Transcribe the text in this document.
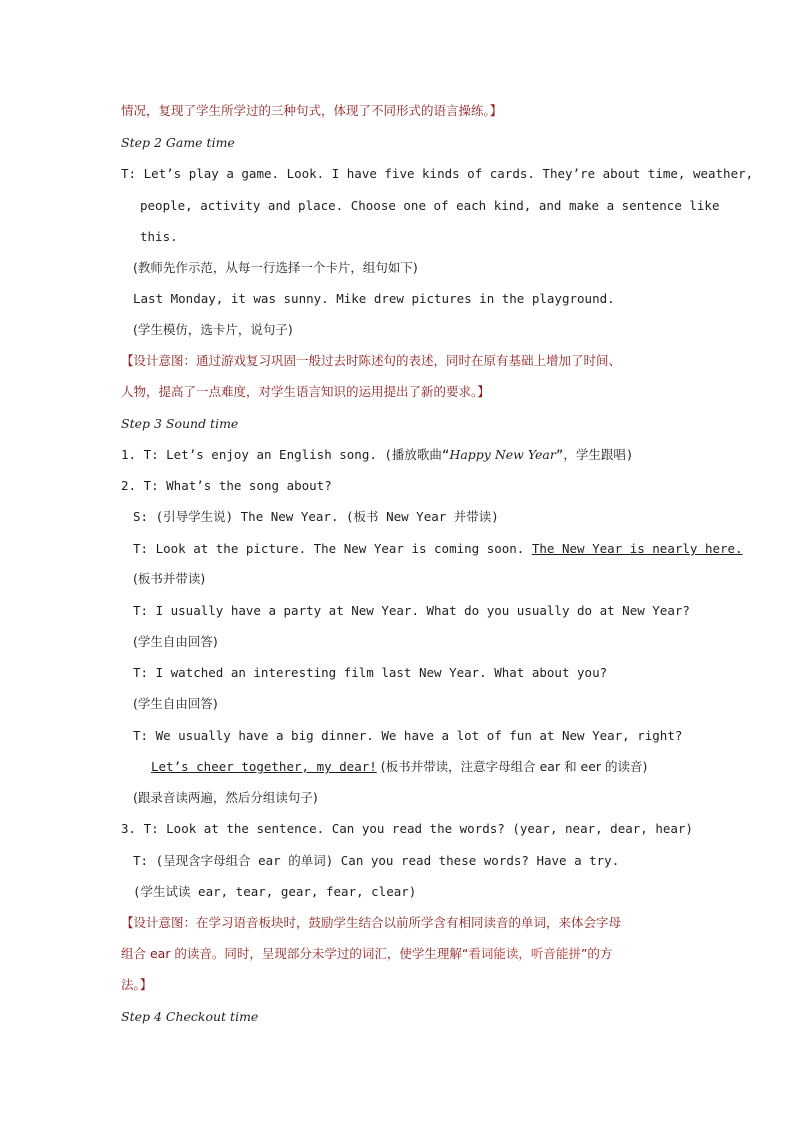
情况，复现了学生所学过的三种句式，体现了不同形式的语言操练。】
Step 2 Game time
T: Let’s play a game. Look. I have five kinds of cards. They’re about time, weather,
people, activity and place. Choose one of each kind, and make a sentence like
this.
(教师先作示范，从每一行选择一个卡片，组句如下)
Last Monday, it was sunny. Mike drew pictures in the playground.
(学生模仿，选卡片，说句子)
【设计意图：通过游戏复习巩固一般过去时陈述句的表述，同时在原有基础上增加了时间、
人物，提高了一点难度，对学生语言知识的运用提出了新的要求。】
Step 3 Sound time
1. T: Let’s enjoy an English song. (播放歌曲“Happy New Year”，学生跟唱)
2. T: What’s the song about?
S: (引导学生说) The New Year. (板书 New Year 并带读)
T: Look at the picture. The New Year is coming soon. The New Year is nearly here.
(板书并带读)
T: I usually have a party at New Year. What do you usually do at New Year?
(学生自由回答)
T: I watched an interesting film last New Year. What about you?
(学生自由回答)
T: We usually have a big dinner. We have a lot of fun at New Year, right?
Let’s cheer together, my dear! (板书并带读，注意字母组合 ear 和 eer 的读音)
(跟录音读两遍，然后分组读句子)
3. T: Look at the sentence. Can you read the words? (year, near, dear, hear)
T: (呈现含字母组合 ear 的单词) Can you read these words? Have a try.
(学生试读 ear, tear, gear, fear, clear)
【设计意图：在学习语音板块时，鼓励学生结合以前所学含有相同读音的单词，来体会字母
组合 ear 的读音。同时，呈现部分未学过的词汇，使学生理解“看词能读，听音能拼”的方
法。】
Step 4 Checkout time
